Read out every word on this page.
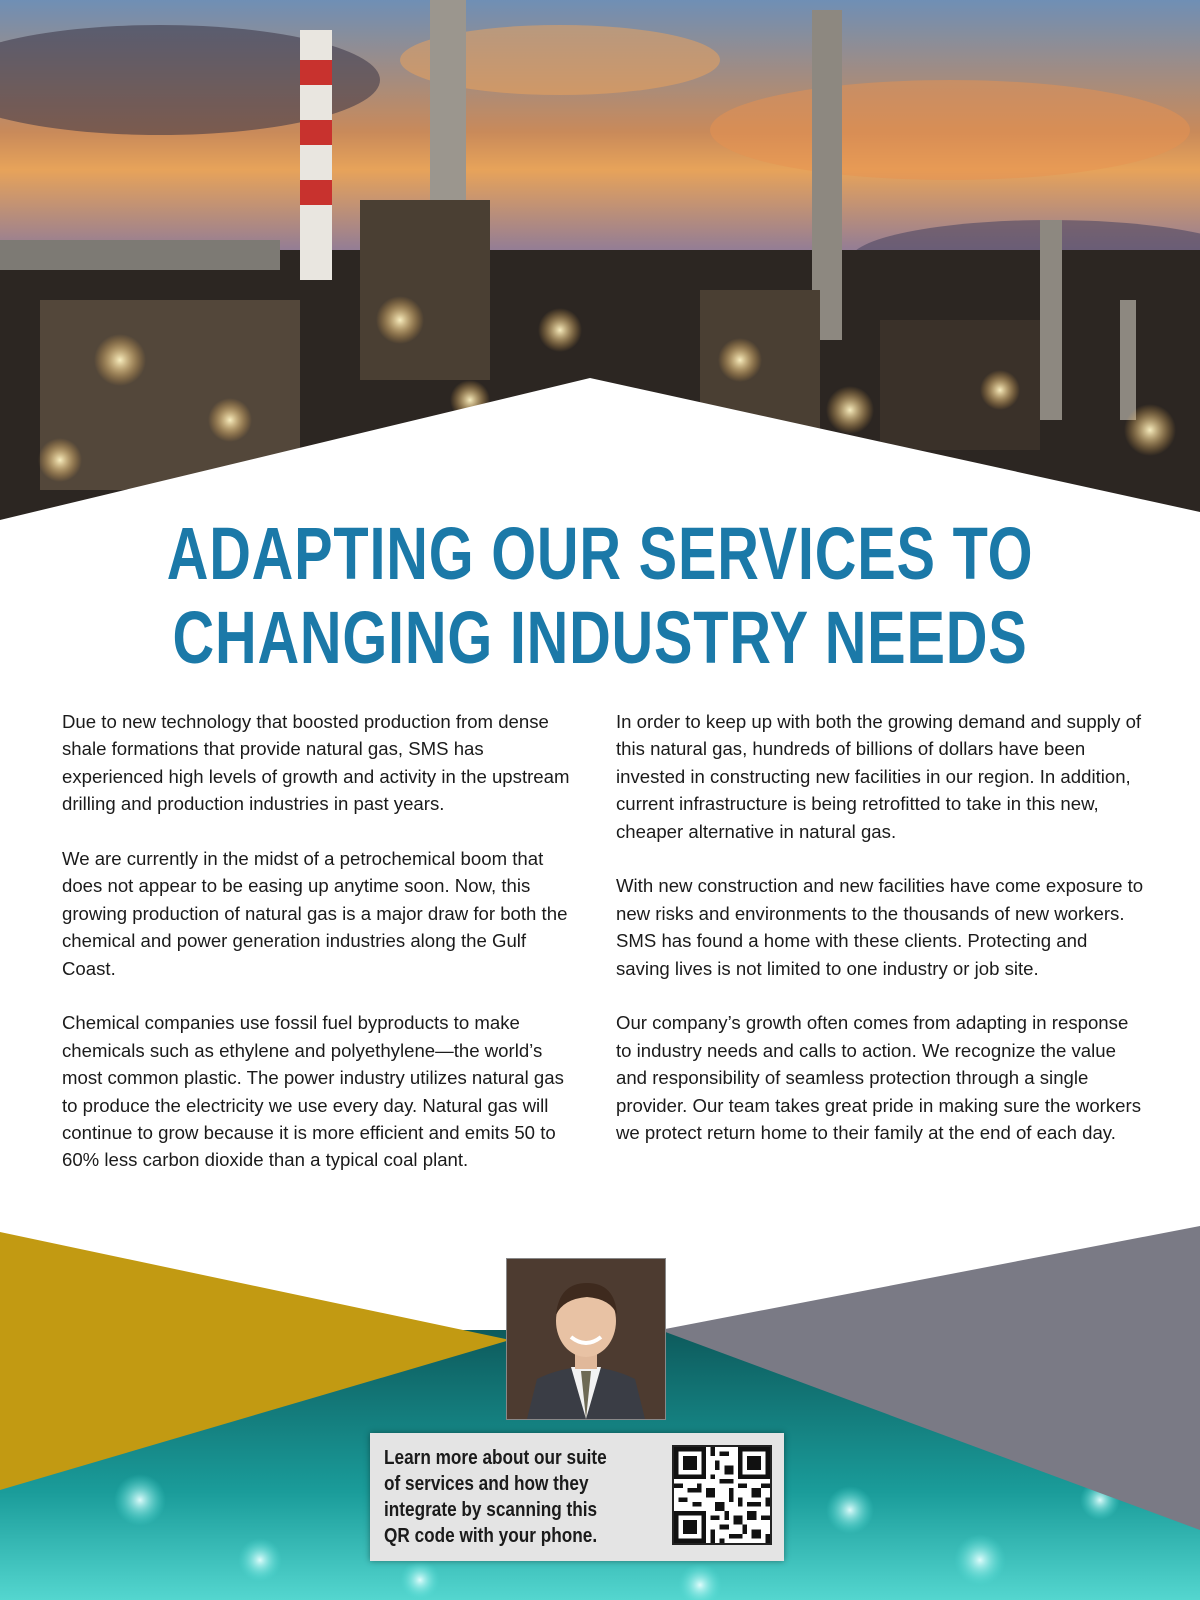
ADAPTING OUR SERVICES TO
CHANGING INDUSTRY NEEDS

Due to new technology that boosted production from dense shale formations that provide natural gas, SMS has experienced high levels of growth and activity in the upstream drilling and production industries in past years.

We are currently in the midst of a petrochemical boom that does not appear to be easing up anytime soon. Now, this growing production of natural gas is a major draw for both the chemical and power generation industries along the Gulf Coast.

Chemical companies use fossil fuel byproducts to make chemicals such as ethylene and polyethylene—the world’s most common plastic. The power industry utilizes natural gas to produce the electricity we use every day. Natural gas will continue to grow because it is more efficient and emits 50 to 60% less carbon dioxide than a typical coal plant.

In order to keep up with both the growing demand and supply of this natural gas, hundreds of billions of dollars have been invested in constructing new facilities in our region. In addition, current infrastructure is being retrofitted to take in this new, cheaper alternative in natural gas.

With new construction and new facilities have come exposure to new risks and environments to the thousands of new workers. SMS has found a home with these clients. Protecting and saving lives is not limited to one industry or job site.

Our company’s growth often comes from adapting in response to industry needs and calls to action. We recognize the value and responsibility of seamless protection through a single provider. Our team takes great pride in making sure the workers we protect return home to their family at the end of each day.

Learn more about our suite of services and how they integrate by scanning this QR code with your phone.
